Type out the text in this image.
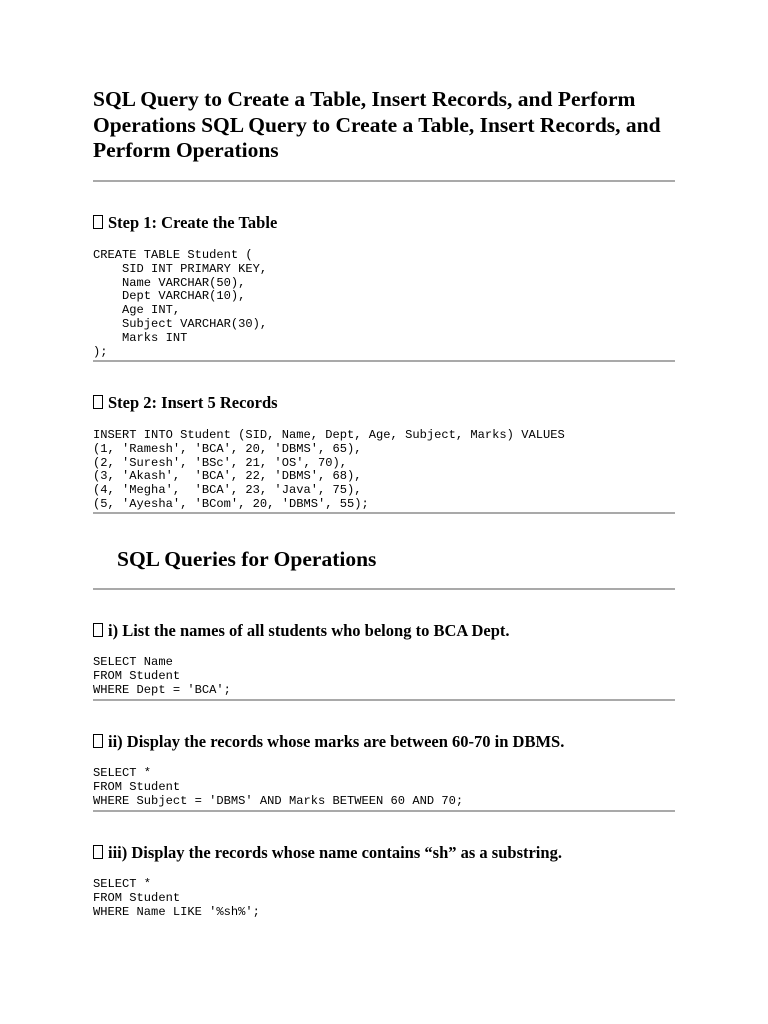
SQL Query to Create a Table, Insert Records, and Perform Operations SQL Query to Create a Table, Insert Records, and Perform Operations
Step 1: Create the Table
CREATE TABLE Student (
SID INT PRIMARY KEY,
Name VARCHAR(50),
Dept VARCHAR(10),
Age INT,
Subject VARCHAR(30),
Marks INT
);
Step 2: Insert 5 Records
INSERT INTO Student (SID, Name, Dept, Age, Subject, Marks) VALUES
(1, 'Ramesh', 'BCA', 20, 'DBMS', 65),
(2, 'Suresh', 'BSc', 21, 'OS', 70),
(3, 'Akash',  'BCA', 22, 'DBMS', 68),
(4, 'Megha',  'BCA', 23, 'Java', 75),
(5, 'Ayesha', 'BCom', 20, 'DBMS', 55);
SQL Queries for Operations
i) List the names of all students who belong to BCA Dept.
SELECT Name
FROM Student
WHERE Dept = 'BCA';
ii) Display the records whose marks are between 60-70 in DBMS.
SELECT *
FROM Student
WHERE Subject = 'DBMS' AND Marks BETWEEN 60 AND 70;
iii) Display the records whose name contains “sh” as a substring.
SELECT *
FROM Student
WHERE Name LIKE '%sh%';
